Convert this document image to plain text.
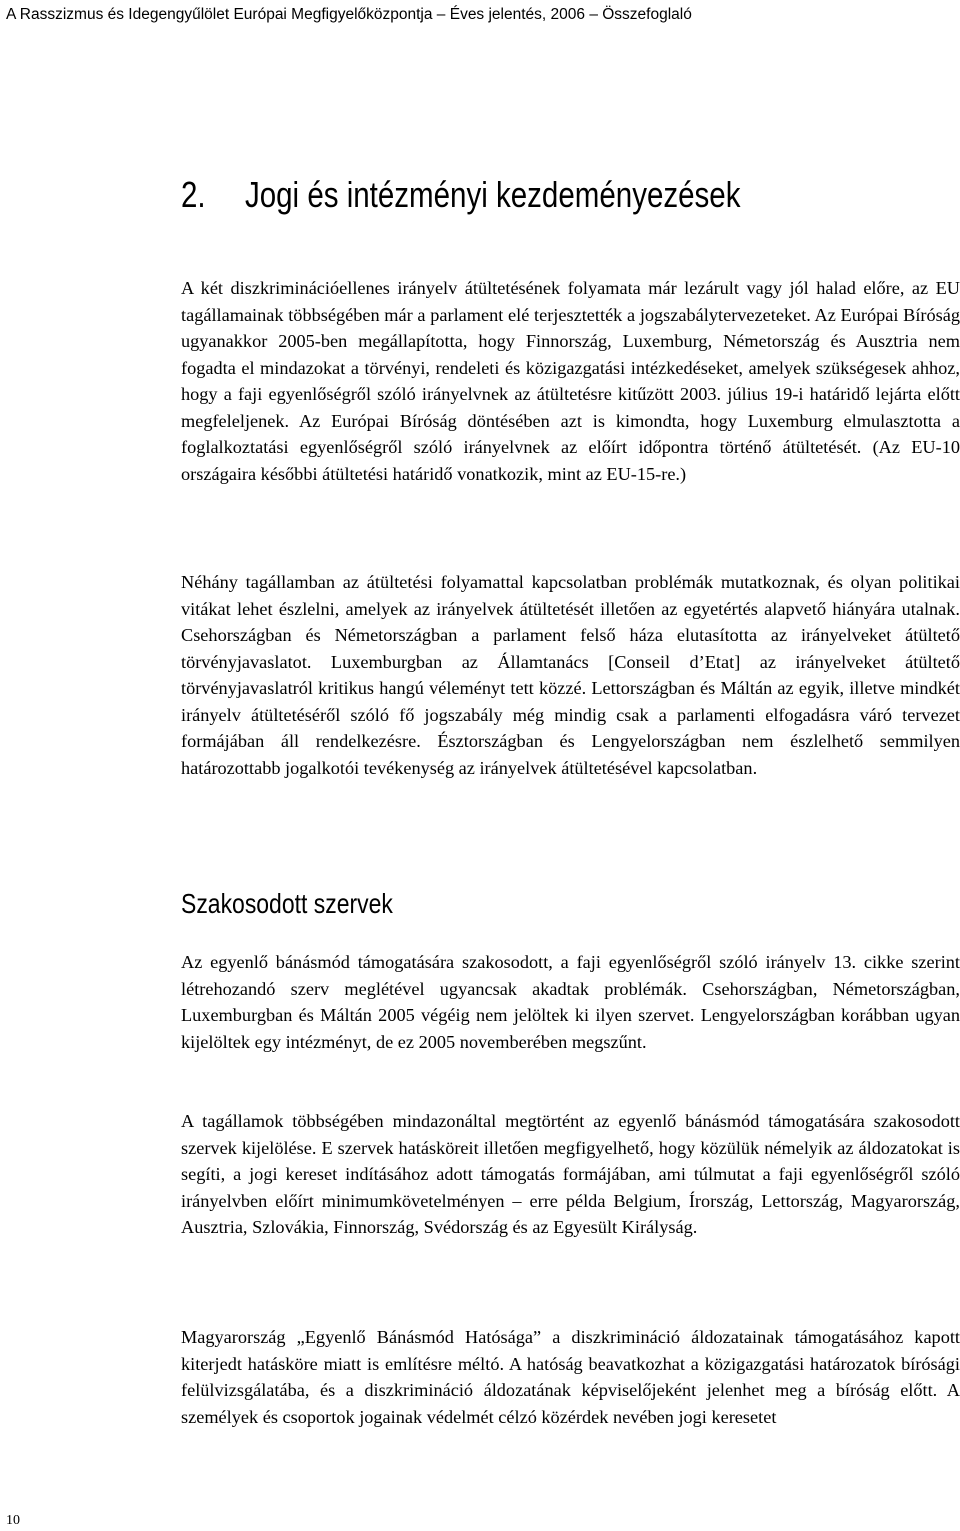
A Rasszizmus és Idegengyűlölet Európai Megfigyelőközpontja – Éves jelentés, 2006 – Összefoglaló
2. Jogi és intézményi kezdeményezések

A két diszkriminációellenes irányelv átültetésének folyamata már lezárult vagy jól halad előre, az EU tagállamainak többségében már a parlament elé terjesztették a jogszabálytervezeteket. Az Európai Bíróság ugyanakkor 2005-ben megállapította, hogy Finnország, Luxemburg, Németország és Ausztria nem fogadta el mindazokat a törvényi, rendeleti és közigazgatási intézkedéseket, amelyek szükségesek ahhoz, hogy a faji egyenlőségről szóló irányelvnek az átültetésre kitűzött 2003. július 19-i határidő lejárta előtt megfeleljenek. Az Európai Bíróság döntésében azt is kimondta, hogy Luxemburg elmulasztotta a foglalkoztatási egyenlőségről szóló irányelvnek az előírt időpontra történő átültetését. (Az EU-10 országaira későbbi átültetési határidő vonatkozik, mint az EU-15-re.)

Néhány tagállamban az átültetési folyamattal kapcsolatban problémák mutatkoznak, és olyan politikai vitákat lehet észlelni, amelyek az irányelvek átültetését illetően az egyetértés alapvető hiányára utalnak. Csehországban és Németországban a parlament felső háza elutasította az irányelveket átültető törvényjavaslatot. Luxemburgban az Államtanács [Conseil d’Etat] az irányelveket átültető törvényjavaslatról kritikus hangú véleményt tett közzé. Lettországban és Máltán az egyik, illetve mindkét irányelv átültetéséről szóló fő jogszabály még mindig csak a parlamenti elfogadásra váró tervezet formájában áll rendelkezésre. Észtországban és Lengyelországban nem észlelhető semmilyen határozottabb jogalkotói tevékenység az irányelvek átültetésével kapcsolatban.

Szakosodott szervek

Az egyenlő bánásmód támogatására szakosodott, a faji egyenlőségről szóló irányelv 13. cikke szerint létrehozandó szerv meglétével ugyancsak akadtak problémák. Csehországban, Németországban, Luxemburgban és Máltán 2005 végéig nem jelöltek ki ilyen szervet. Lengyelországban korábban ugyan kijelöltek egy intézményt, de ez 2005 novemberében megszűnt.

A tagállamok többségében mindazonáltal megtörtént az egyenlő bánásmód támogatására szakosodott szervek kijelölése. E szervek hatásköreit illetően megfigyelhető, hogy közülük némelyik az áldozatokat is segíti, a jogi kereset indításához adott támogatás formájában, ami túlmutat a faji egyenlőségről szóló irányelvben előírt minimumkövetelményen – erre példa Belgium, Írország, Lettország, Magyarország, Ausztria, Szlovákia, Finnország, Svédország és az Egyesült Királyság.

Magyarország „Egyenlő Bánásmód Hatósága” a diszkrimináció áldozatainak támogatásához kapott kiterjedt hatásköre miatt is említésre méltó. A hatóság beavatkozhat a közigazgatási határozatok bírósági felülvizsgálatába, és a diszkrimináció áldozatának képviselőjeként jelenhet meg a bíróság előtt. A személyek és csoportok jogainak védelmét célzó közérdek nevében jogi keresetet

10
